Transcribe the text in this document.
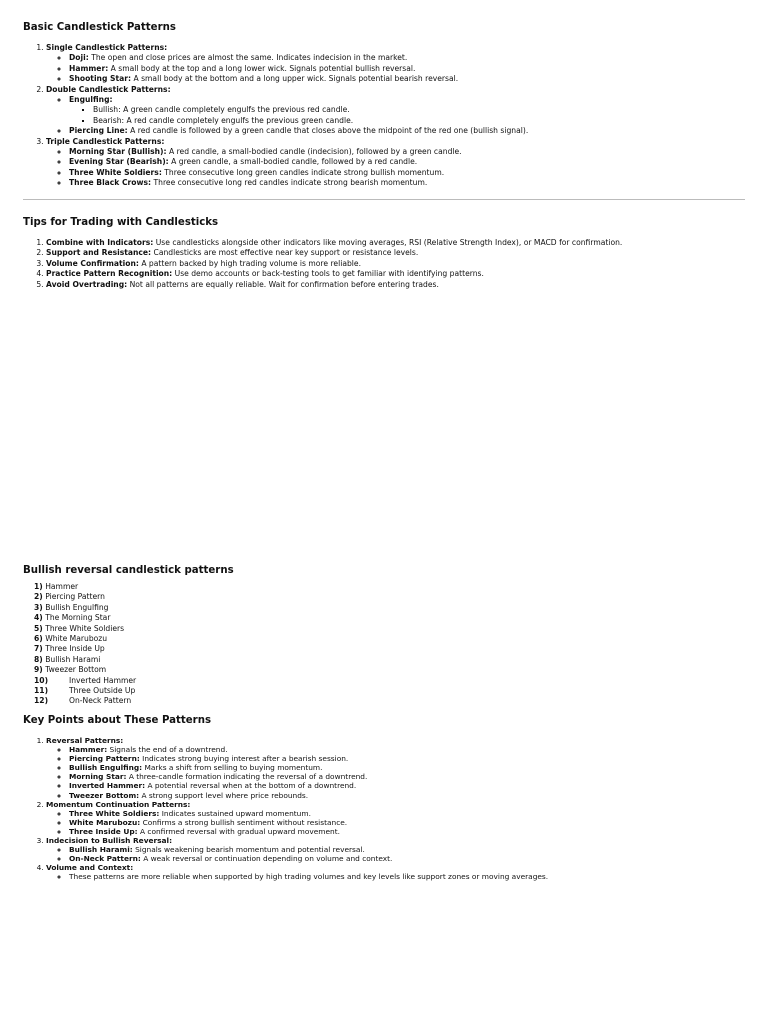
Basic Candlestick Patterns
1. Single Candlestick Patterns:
◦ Doji: The open and close prices are almost the same. Indicates indecision in the market.
◦ Hammer: A small body at the top and a long lower wick. Signals potential bullish reversal.
◦ Shooting Star: A small body at the bottom and a long upper wick. Signals potential bearish reversal.
2. Double Candlestick Patterns:
◦ Engulfing:
▪ Bullish: A green candle completely engulfs the previous red candle.
▪ Bearish: A red candle completely engulfs the previous green candle.
◦ Piercing Line: A red candle is followed by a green candle that closes above the midpoint of the red one (bullish signal).
3. Triple Candlestick Patterns:
◦ Morning Star (Bullish): A red candle, a small-bodied candle (indecision), followed by a green candle.
◦ Evening Star (Bearish): A green candle, a small-bodied candle, followed by a red candle.
◦ Three White Soldiers: Three consecutive long green candles indicate strong bullish momentum.
◦ Three Black Crows: Three consecutive long red candles indicate strong bearish momentum.
Tips for Trading with Candlesticks
1. Combine with Indicators: Use candlesticks alongside other indicators like moving averages, RSI (Relative Strength Index), or MACD for confirmation.
2. Support and Resistance: Candlesticks are most effective near key support or resistance levels.
3. Volume Confirmation: A pattern backed by high trading volume is more reliable.
4. Practice Pattern Recognition: Use demo accounts or back-testing tools to get familiar with identifying patterns.
5. Avoid Overtrading: Not all patterns are equally reliable. Wait for confirmation before entering trades.
Bullish reversal candlestick patterns
1) Hammer
2) Piercing Pattern
3) Bullish Engulfing
4) The Morning Star
5) Three White Soldiers
6) White Marubozu
7) Three Inside Up
8) Bullish Harami
9) Tweezer Bottom
10)	Inverted Hammer
11)	Three Outside Up
12)	On-Neck Pattern
Key Points about These Patterns
1. Reversal Patterns:
◦ Hammer: Signals the end of a downtrend.
◦ Piercing Pattern: Indicates strong buying interest after a bearish session.
◦ Bullish Engulfing: Marks a shift from selling to buying momentum.
◦ Morning Star: A three-candle formation indicating the reversal of a downtrend.
◦ Inverted Hammer: A potential reversal when at the bottom of a downtrend.
◦ Tweezer Bottom: A strong support level where price rebounds.
2. Momentum Continuation Patterns:
◦ Three White Soldiers: Indicates sustained upward momentum.
◦ White Marubozu: Confirms a strong bullish sentiment without resistance.
◦ Three Inside Up: A confirmed reversal with gradual upward movement.
3. Indecision to Bullish Reversal:
◦ Bullish Harami: Signals weakening bearish momentum and potential reversal.
◦ On-Neck Pattern: A weak reversal or continuation depending on volume and context.
4. Volume and Context:
◦ These patterns are more reliable when supported by high trading volumes and key levels like support zones or moving averages.
